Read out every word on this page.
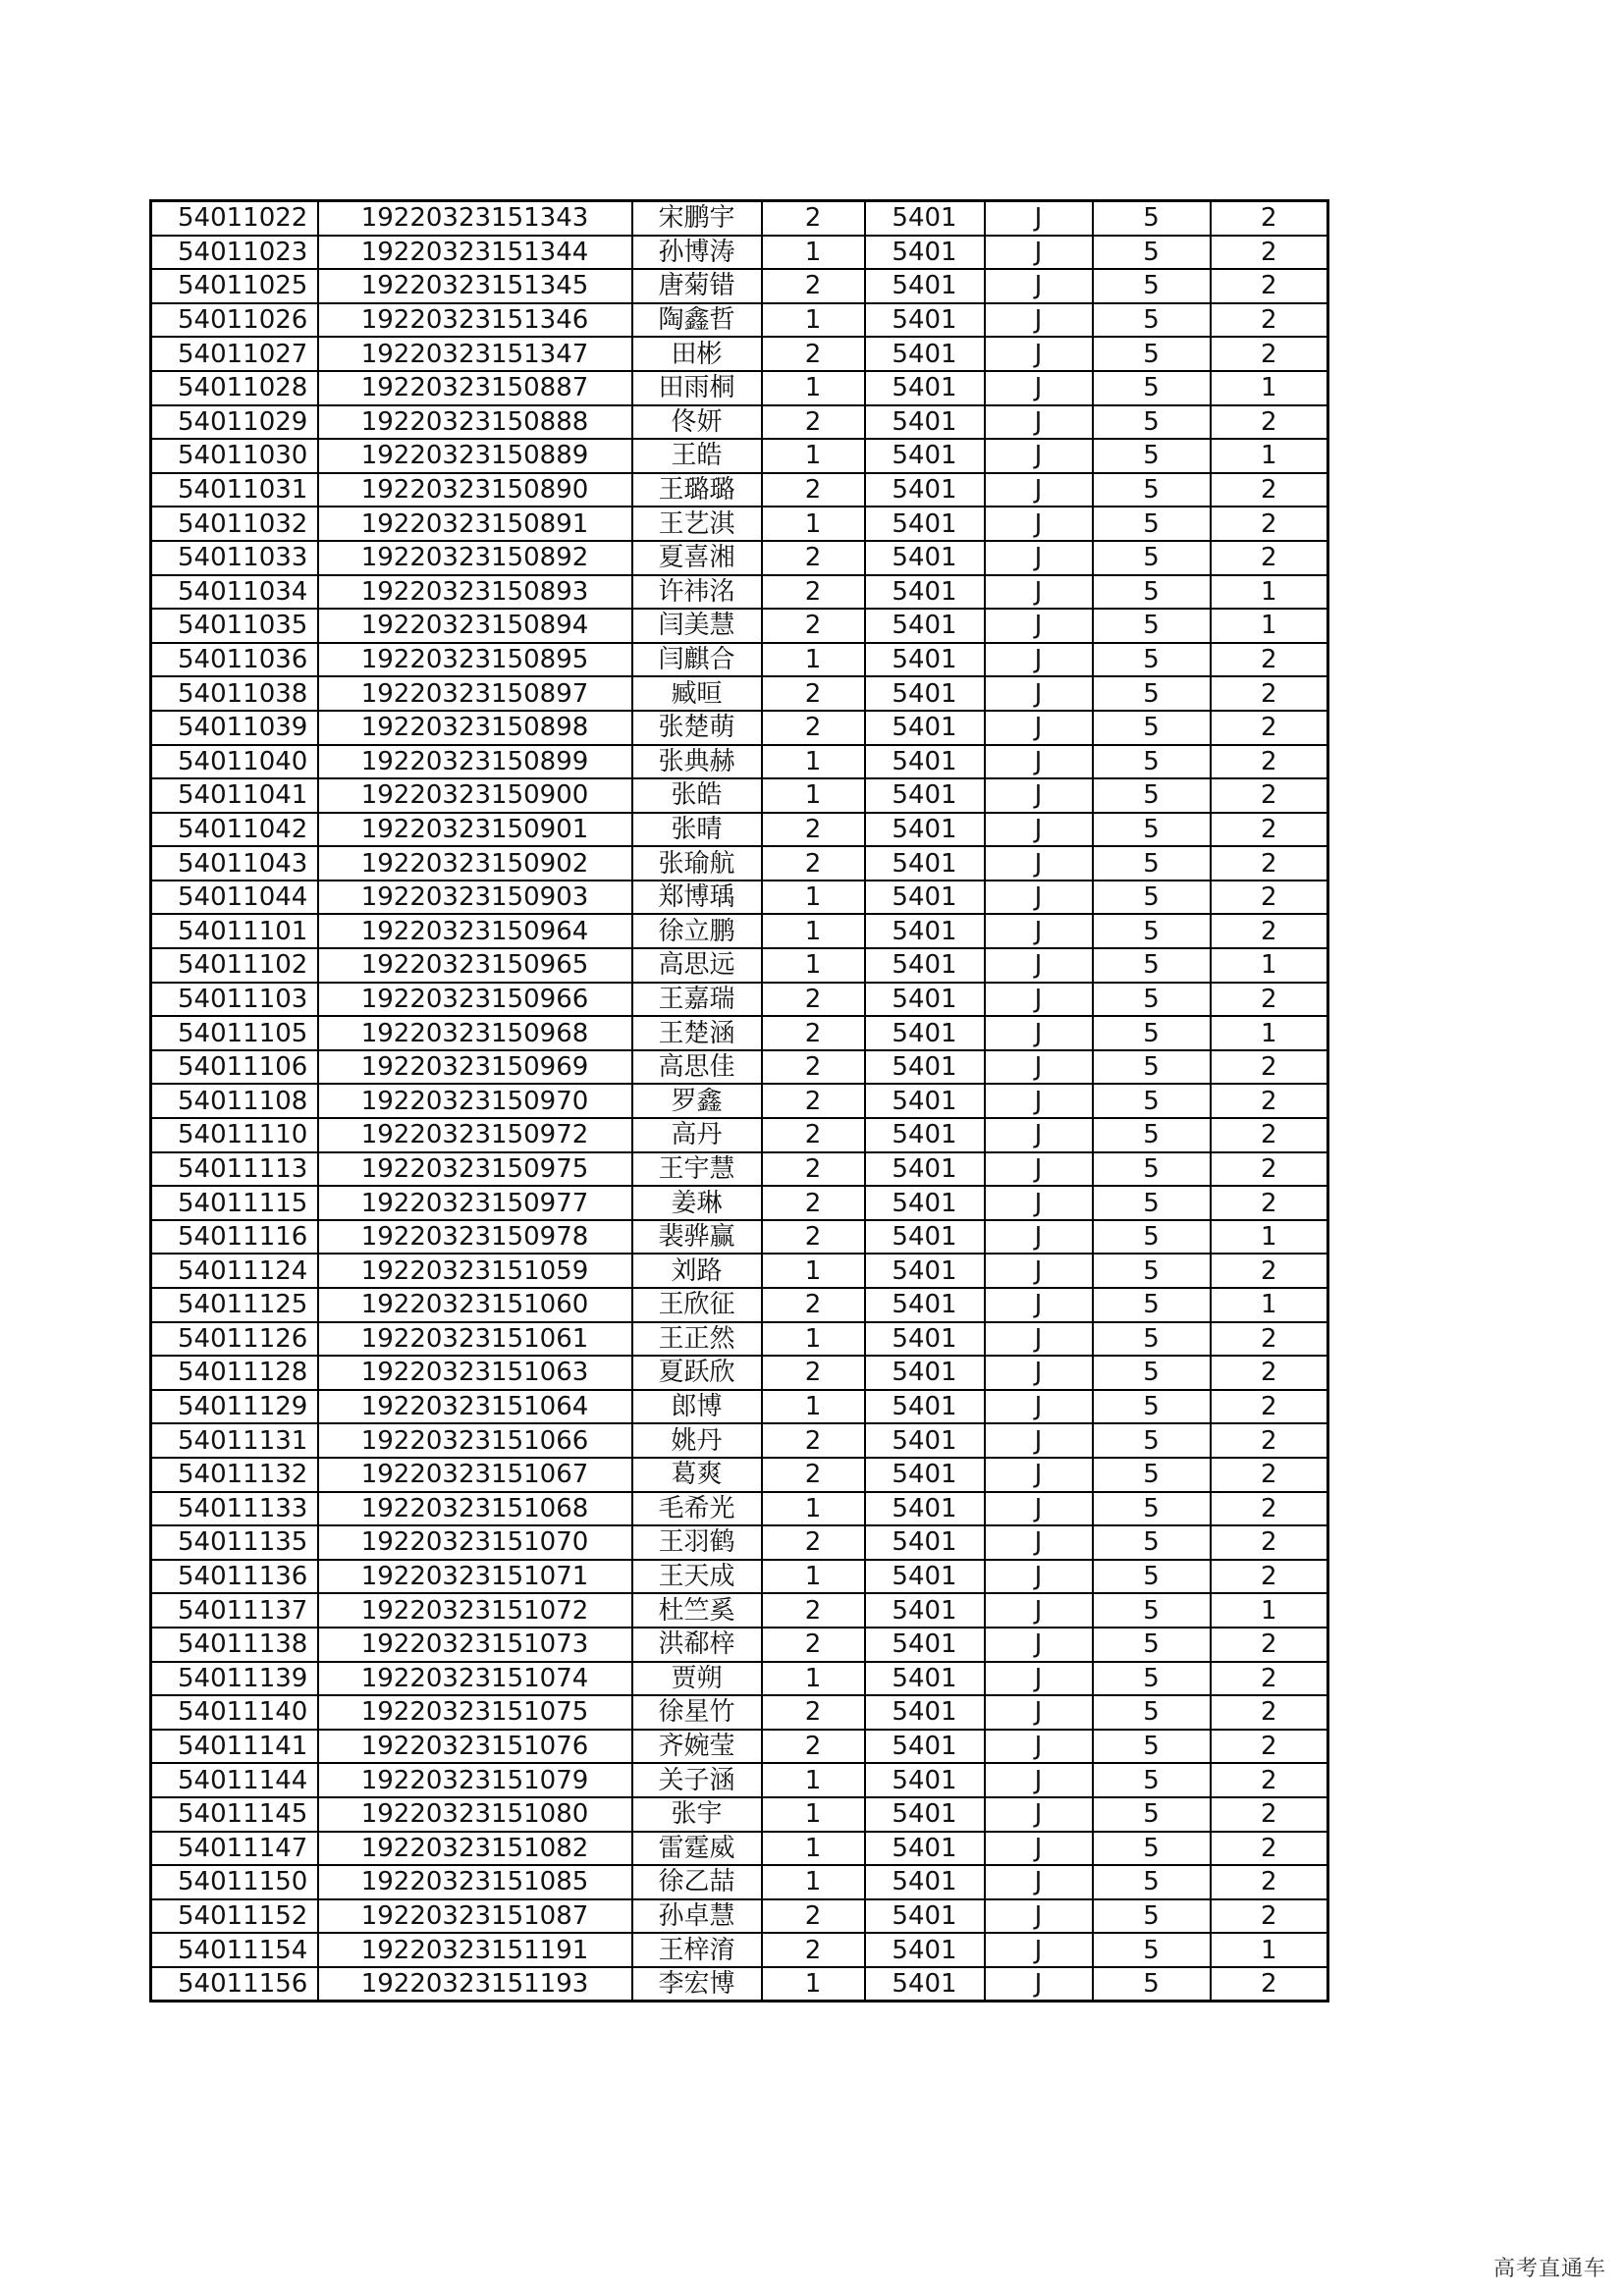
54011022	19220323151343	宋鹏宇	2	5401	J	5	2
54011023	19220323151344	孙博涛	1	5401	J	5	2
54011025	19220323151345	唐菊错	2	5401	J	5	2
54011026	19220323151346	陶鑫哲	1	5401	J	5	2
54011027	19220323151347	田彬	2	5401	J	5	2
54011028	19220323150887	田雨桐	1	5401	J	5	1
54011029	19220323150888	佟妍	2	5401	J	5	2
54011030	19220323150889	王皓	1	5401	J	5	1
54011031	19220323150890	王璐璐	2	5401	J	5	2
54011032	19220323150891	王艺淇	1	5401	J	5	2
54011033	19220323150892	夏喜湘	2	5401	J	5	2
54011034	19220323150893	许祎洺	2	5401	J	5	1
54011035	19220323150894	闫美慧	2	5401	J	5	1
54011036	19220323150895	闫麒合	1	5401	J	5	2
54011038	19220323150897	臧晅	2	5401	J	5	2
54011039	19220323150898	张楚萌	2	5401	J	5	2
54011040	19220323150899	张典赫	1	5401	J	5	2
54011041	19220323150900	张皓	1	5401	J	5	2
54011042	19220323150901	张晴	2	5401	J	5	2
54011043	19220323150902	张瑜航	2	5401	J	5	2
54011044	19220323150903	郑博瑀	1	5401	J	5	2
54011101	19220323150964	徐立鹏	1	5401	J	5	2
54011102	19220323150965	高思远	1	5401	J	5	1
54011103	19220323150966	王嘉瑞	2	5401	J	5	2
54011105	19220323150968	王楚涵	2	5401	J	5	1
54011106	19220323150969	高思佳	2	5401	J	5	2
54011108	19220323150970	罗鑫	2	5401	J	5	2
54011110	19220323150972	高丹	2	5401	J	5	2
54011113	19220323150975	王宇慧	2	5401	J	5	2
54011115	19220323150977	姜琳	2	5401	J	5	2
54011116	19220323150978	裴骅赢	2	5401	J	5	1
54011124	19220323151059	刘路	1	5401	J	5	2
54011125	19220323151060	王欣征	2	5401	J	5	1
54011126	19220323151061	王正然	1	5401	J	5	2
54011128	19220323151063	夏跃欣	2	5401	J	5	2
54011129	19220323151064	郎博	1	5401	J	5	2
54011131	19220323151066	姚丹	2	5401	J	5	2
54011132	19220323151067	葛爽	2	5401	J	5	2
54011133	19220323151068	毛希光	1	5401	J	5	2
54011135	19220323151070	王羽鹤	2	5401	J	5	2
54011136	19220323151071	王天成	1	5401	J	5	2
54011137	19220323151072	杜竺奚	2	5401	J	5	1
54011138	19220323151073	洪郗梓	2	5401	J	5	2
54011139	19220323151074	贾朔	1	5401	J	5	2
54011140	19220323151075	徐星竹	2	5401	J	5	2
54011141	19220323151076	齐婉莹	2	5401	J	5	2
54011144	19220323151079	关子涵	1	5401	J	5	2
54011145	19220323151080	张宇	1	5401	J	5	2
54011147	19220323151082	雷霆威	1	5401	J	5	2
54011150	19220323151085	徐乙喆	1	5401	J	5	2
54011152	19220323151087	孙卓慧	2	5401	J	5	2
54011154	19220323151191	王梓淯	2	5401	J	5	1
54011156	19220323151193	李宏博	1	5401	J	5	2
高考直通车
